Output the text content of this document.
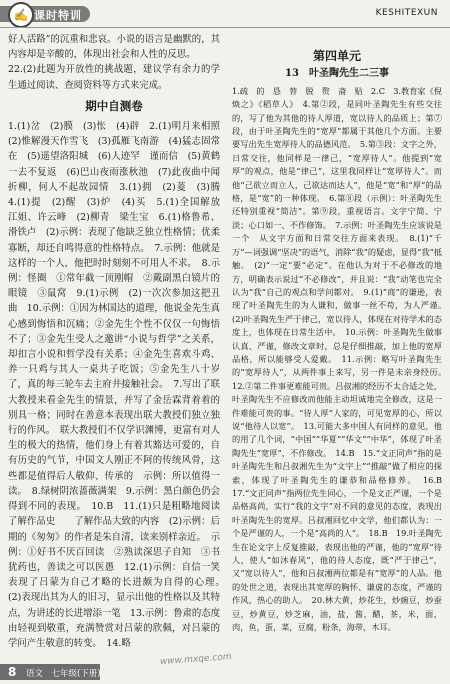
✍ 课时特训	KESHITEXUN

好人活路”的沉重和悲哀。小说的语言是幽默的，其内容却是辛酸的，体现出社会和人性的反思。

22.(2)此题为开放性的挑战题，建议学有余力的学生通过阅读、查阅资料等方式来完成。

期中自测卷

1.(1)岔　(2)膜　(3)怅　(4)辟　2.(1)明月来相照　(2)惟解漫天作雪飞　(3)孤雁飞南游　(4)猛志固常在　(5)遥望洛阳城　(6)人迹罕　谨而信　(5)黄鹤一去不复返　(6)巴山夜雨涨秋池　(7)此夜曲中闻折柳，何人不起故园情　3.(1)拥　(2)菱　(3)腾　4.(1)提　(2)醒　(3)炉　(4)买　5.(1)全国解放　江姐、许云峰　(2)柳青　梁生宝　6.(1)格鲁希、滑铁卢　(2)示例：表现了他缺乏独立性格情；优柔寡断，却还自鸣得意的性格特点。　7.示例：他就是这样的一个人，他把时时刻刻不可用人不求。　8.示例：怪圈　①常年截一顶刚帽　②戴副黑白镜片的眼镜　③鼠窝　9.(1)示例　(2)一次次参加这把丑曲　10.示例：①因为林国达的道理，他说金先生真心感到悔悟和沉痛；②金先生个性不仅仅一句悔悟不了；③金先生受人之邀讲“小说与哲学”之关系，却扣言小说和哲学没有关系；④金先生喜欢斗鸡、养一只鸡与其人一桌共子吃饭；⑤金先生八十岁了，真的每三轮车去主府井接触社会。　7.写出了联大教授来看金先生的情景，并写了金岳霖背着着的别具一格；同时在善意本表现出联大教授们独立独行的作风。　联大教授们不仅学识渊博，更富有对人生的极大的热情，他们身上有着其豁达可爱的，自有历史的气节，中国文人刚正不阿的传统风骨，这些都是值得后人敬仰、传承的　示例：所以值得一读。　8.绿树阴浓蔷薇满架　9.示例：黑白颜色仍会得到不同的表现。　10.B　11.(1)只是粗略地阅读　了解作品史　　了解作品大致的内容　(2)示例：后期的《匆匆》的作者是朱自清，读来别样亲近。　示例：①好书不厌百回读　②熟读深思子自知　③书犹药也，善读之可以医愚　12.(1)示例：自信一笑　表现了吕蒙为自己才略的长进颇为自得的心理。　(2)表现出其为人的旧习，显示出他的性格以及其特点，为讲述的长进增添一笔　13.示例：鲁肃的态度由轻视到敬重，充满赞赏对吕蒙的欣佩，对吕蒙的学问产生敬意的转变。　14.略

第四单元
13　叶圣陶先生二三事

1.疏　的　恳　替　脱　赘　斋　贴　2.C　3.教育家《倪焕之》《稻草人》　4.第②段，是同叶圣陶先生有些交往的，写了他为其他的待人厚道，宽以待人的品质上；第⑦段，由于叶圣陶先生的“宽厚”都属于其他几个方面。主要要写出先生宽厚待人的品德风范。　5.第③段：文字之外，日常交往，他同样是一律己，“宽厚待人”。他提到“宽厚”的观点，他是“律己”，这里我同样让“宽厚待人”。而他“己欲立而立人，己欲达而达人”，他是“宽”和“厚”的品格，是“宽”的一种体现。　6.第⑧段（示例）：叶圣陶先生还特别重视“简洁”。第⑨段，重视语言。文字宁简、宁淡；心口如一、不作修饰。　7.示例：叶圣陶先生应该说是一个　从文字方面和日常交往方面来表现。　8.(1)“千万”—词强调“坚决”的语气，消除“我”的疑虑，显得“我”抵触。　(2)“一定”要“必定”。在他认为对于不必修改的地方，明确表示说过“不必修改”，并且说：“我”动笔也完全认为“我”自己的观点和学问都对。　9.(1)“商”的谦逊，表现了叶圣陶先生的为人谦和，做事一丝不苟，为人严谨。　(2)叶圣陶先生严于律己，宽以待人，体现在对待学术的态度上，也体现在日常生活中。　10.示例：叶圣陶先生做事认真、严谨，修改文章时，总是仔细推敲，加上他的宽厚品格，所以能够受人爱戴。　11.示例：略写叶圣陶先生的“宽厚待人”，从两件事上来写，另一件是未亲身经历。　12.②第二件事更难能可贵。吕叔湘的经历不太合适之处，叶圣陶先生不应修改而他能主动坦诚地完全修改，这是一件难能可贵的事。“待人厚”人家的，可见宽厚的心，所以说“他待人以宽”。　13.可能大多中国人有同样的意见，他的用了几个词，“中国”“华夏”“华文”“中华”，体现了叶圣陶先生“宽厚”，不作修改。　14.B　15.“文正同声”指的是叶圣陶先生和吕叔湘先生为“文字上”“推敲”做了相应的探索，体现了叶圣陶先生的谦恭和品格修养。　16.B　17.“文正同声”指两位先生同心，一个是文正严谨，一个是品格高尚，实行“我的文字”对不同的意见的态度，表现出叶圣陶先生的宽厚。吕叔湘回忆中文学，他们都认为：一个是严谨的人，一个是“高尚的人”。　18.B　19.叶圣陶先生在论文字上反复推敲，表现出他的严谨，他的“宽厚”待人，使人“如沐春风”，他的待人态度，既“严于律己”，又“宽以待人”，他和吕叔湘两位都是有“宽厚”的人品。他的处世之道，表现出其宽厚的胸怀、谦虚的态度，严谨的作风，热心的助人。　20.林大黄，炒花生，炒豌豆，炒蚕豆，炒黄豆，炒芝麻，油，盐，酱，醋，茶，米，面，肉，鱼，蛋，菜，豆腐，粉条，海带，木耳。

www.mxqe.com
8 语文　七年级(下册)
